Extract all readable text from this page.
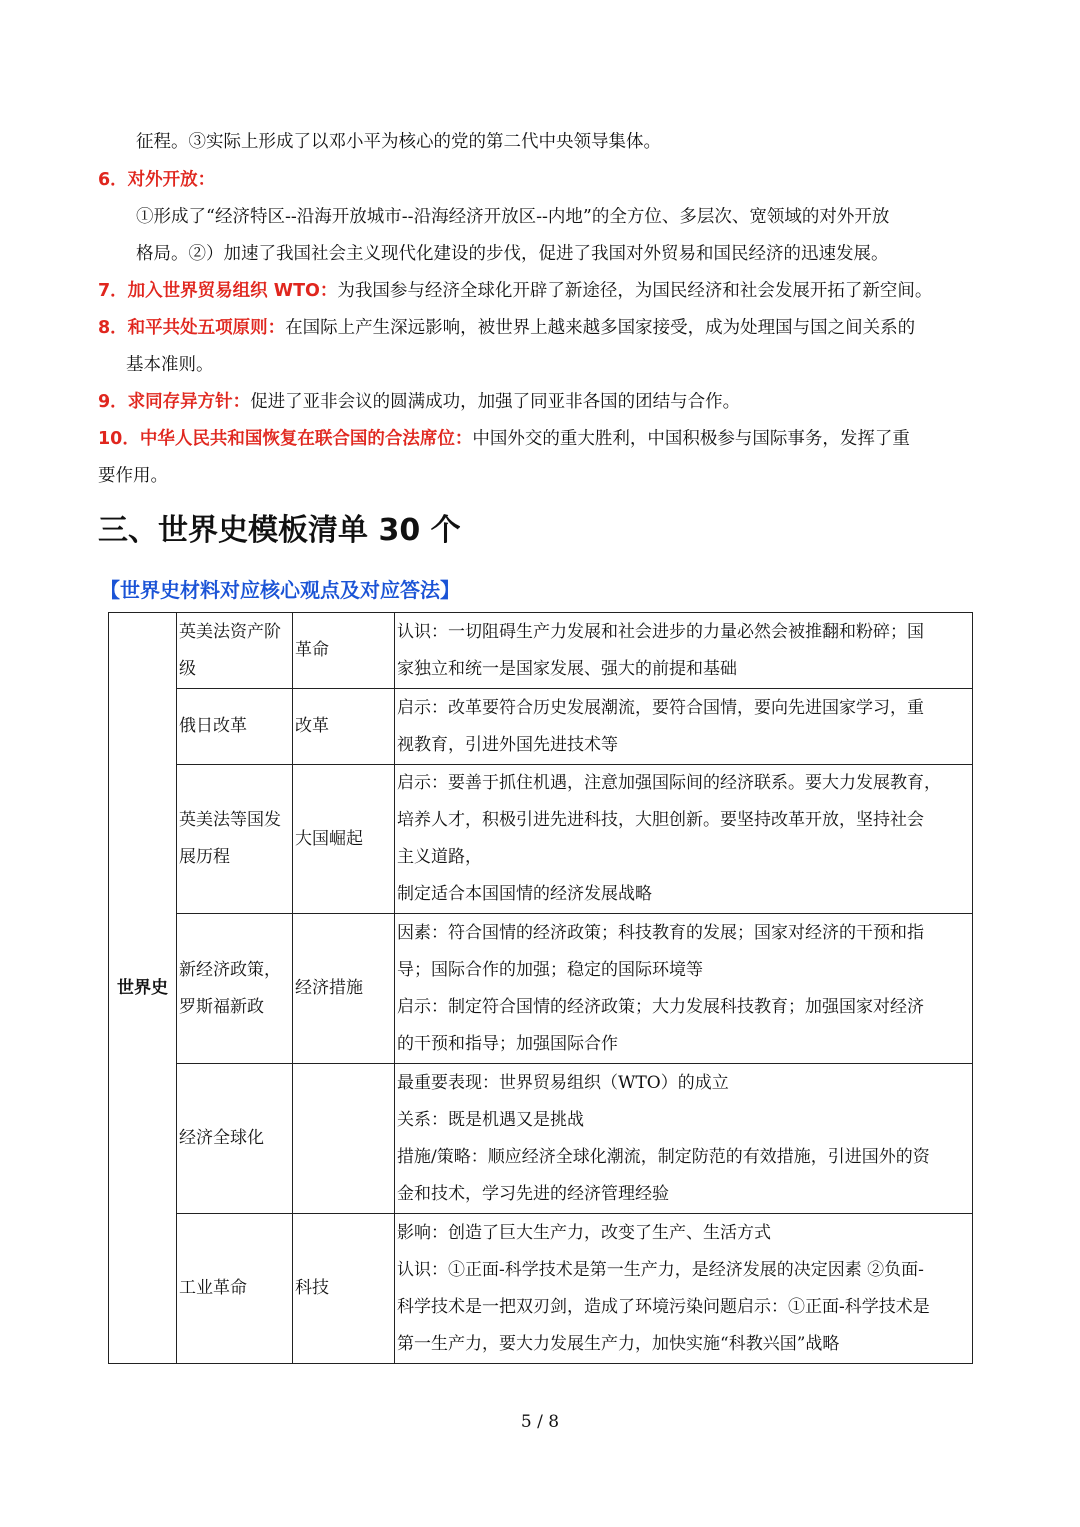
征程。③实际上形成了以邓小平为核心的党的第二代中央领导集体。

6．对外开放：

①形成了“经济特区--沿海开放城市--沿海经济开放区--内地”的全方位、多层次、宽领域的对外开放

格局。②）加速了我国社会主义现代化建设的步伐，促进了我国对外贸易和国民经济的迅速发展。

7．加入世界贸易组织 WTO：为我国参与经济全球化开辟了新途径，为国民经济和社会发展开拓了新空间。

8．和平共处五项原则：在国际上产生深远影响，被世界上越来越多国家接受，成为处理国与国之间关系的

基本准则。

9．求同存异方针：促进了亚非会议的圆满成功，加强了同亚非各国的团结与合作。

10．中华人民共和国恢复在联合国的合法席位：中国外交的重大胜利，中国积极参与国际事务，发挥了重

要作用。

三、世界史模板清单 30 个

【世界史材料对应核心观点及对应答法】

世界史	英美法资产阶级	革命	认识：一切阻碍生产力发展和社会进步的力量必然会被推翻和粉碎；国
家独立和统一是国家发展、强大的前提和基础

	俄日改革	改革	启示：改革要符合历史发展潮流，要符合国情，要向先进国家学习，重
视教育，引进外国先进技术等

	英美法等国发展历程	大国崛起	启示：要善于抓住机遇，注意加强国际间的经济联系。要大力发展教育，
培养人才，积极引进先进科技，大胆创新。要坚持改革开放，坚持社会
主义道路，
制定适合本国国情的经济发展战略

	新经济政策，罗斯福新政	经济措施	因素：符合国情的经济政策；科技教育的发展；国家对经济的干预和指
导；国际合作的加强；稳定的国际环境等
启示：制定符合国情的经济政策；大力发展科技教育；加强国家对经济
的干预和指导；加强国际合作

	经济全球化		最重要表现：世界贸易组织（WTO）的成立
关系：既是机遇又是挑战
措施/策略：顺应经济全球化潮流，制定防范的有效措施，引进国外的资
金和技术，学习先进的经济管理经验

	工业革命	科技	影响：创造了巨大生产力，改变了生产、生活方式
认识：①正面-科学技术是第一生产力，是经济发展的决定因素 ②负面-
科学技术是一把双刃剑，造成了环境污染问题启示：①正面-科学技术是
第一生产力，要大力发展生产力，加快实施“科教兴国”战略
5 / 8
